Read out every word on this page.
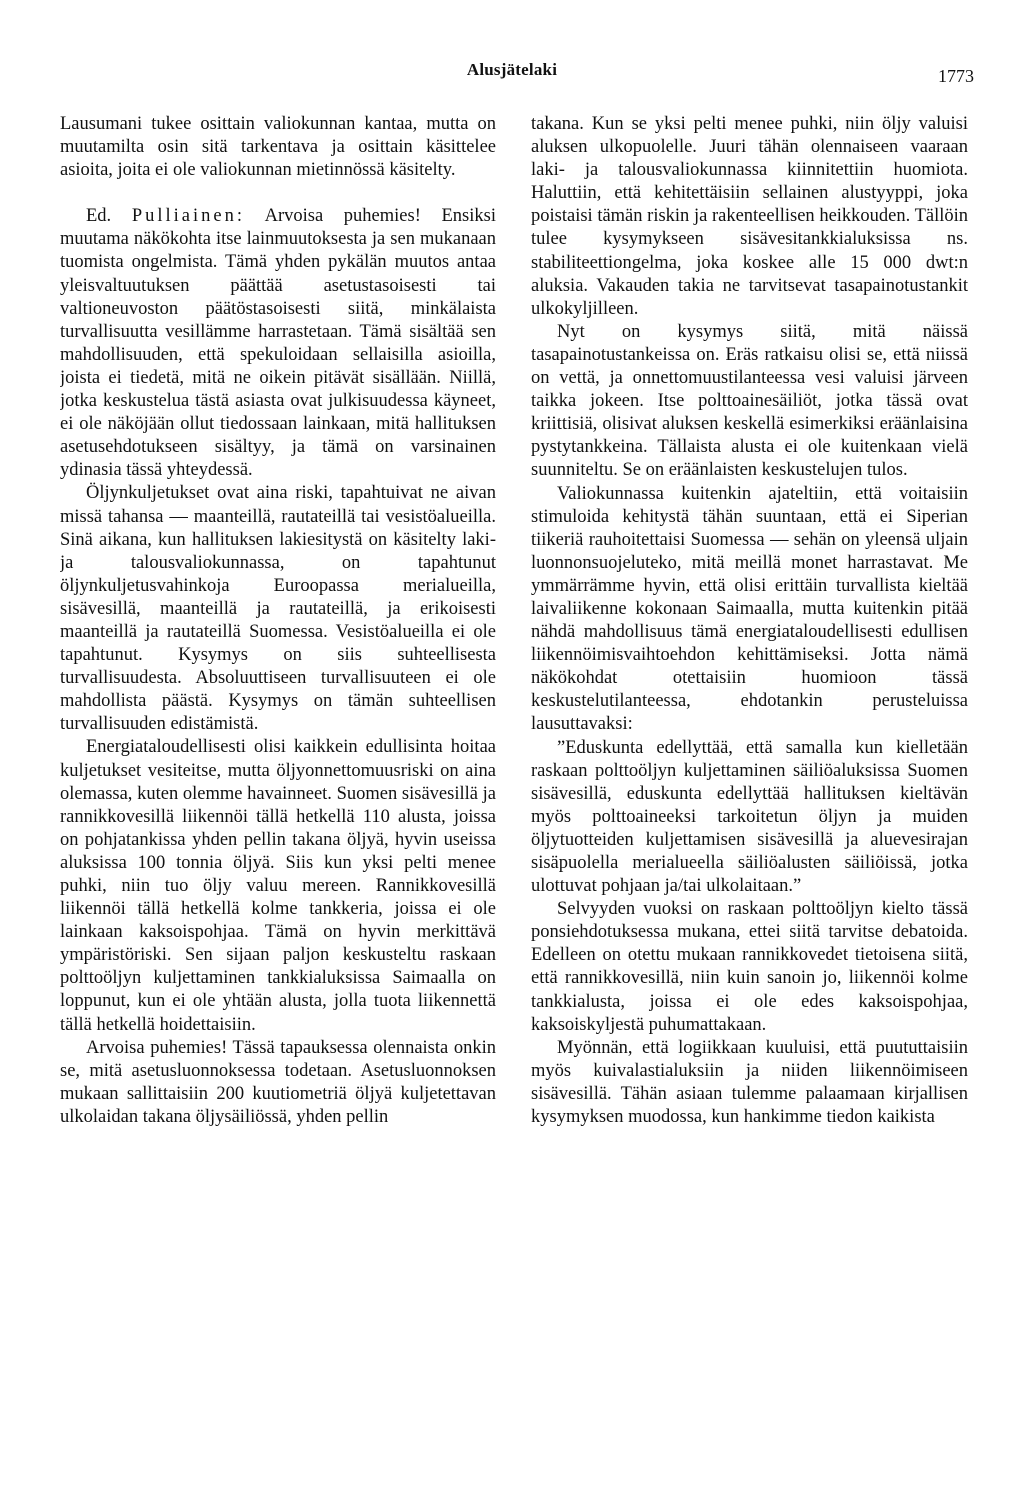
Alusjätelaki	1773

Lausumani tukee osittain valiokunnan kantaa, mutta on muutamilta osin sitä tarkentava ja osittain käsittelee asioita, joita ei ole valiokunnan mietinnössä käsitelty.

Ed. Pulliainen: Arvoisa puhemies! Ensiksi muutama näkökohta itse lainmuutoksesta ja sen mukanaan tuomista ongelmista. Tämä yhden pykälän muutos antaa yleisvaltuutuksen päättää asetustasoisesti tai valtioneuvoston päätöstasoisesti siitä, minkälaista turvallisuutta vesillämme harrastetaan. Tämä sisältää sen mahdollisuuden, että spekuloidaan sellaisilla asioilla, joista ei tiedetä, mitä ne oikein pitävät sisällään. Niillä, jotka keskustelua tästä asiasta ovat julkisuudessa käyneet, ei ole näköjään ollut tiedossaan lainkaan, mitä hallituksen asetusehdotukseen sisältyy, ja tämä on varsinainen ydinasia tässä yhteydessä.

Öljynkuljetukset ovat aina riski, tapahtuivat ne aivan missä tahansa — maanteillä, rautateillä tai vesistöalueilla. Sinä aikana, kun hallituksen lakiesitystä on käsitelty laki- ja talousvaliokunnassa, on tapahtunut öljynkuljetusvahinkoja Euroopassa merialueilla, sisävesillä, maanteillä ja rautateillä, ja erikoisesti maanteillä ja rautateillä Suomessa. Vesistöalueilla ei ole tapahtunut. Kysymys on siis suhteellisesta turvallisuudesta. Absoluuttiseen turvallisuuteen ei ole mahdollista päästä. Kysymys on tämän suhteellisen turvallisuuden edistämistä.

Energiataloudellisesti olisi kaikkein edullisinta hoitaa kuljetukset vesiteitse, mutta öljyonnettomuusriski on aina olemassa, kuten olemme havainneet. Suomen sisävesillä ja rannikkovesillä liikennöi tällä hetkellä 110 alusta, joissa on pohjatankissa yhden pellin takana öljyä, hyvin useissa aluksissa 100 tonnia öljyä. Siis kun yksi pelti menee puhki, niin tuo öljy valuu mereen. Rannikkovesillä liikennöi tällä hetkellä kolme tankkeria, joissa ei ole lainkaan kaksoispohjaa. Tämä on hyvin merkittävä ympäristöriski. Sen sijaan paljon keskusteltu raskaan polttoöljyn kuljettaminen tankkialuksissa Saimaalla on loppunut, kun ei ole yhtään alusta, jolla tuota liikennettä tällä hetkellä hoidettaisiin.

Arvoisa puhemies! Tässä tapauksessa olennaista onkin se, mitä asetusluonnoksessa todetaan. Asetusluonnoksen mukaan sallittaisiin 200 kuutiometriä öljyä kuljetettavan ulkolaidan takana öljysäiliössä, yhden pellin

takana. Kun se yksi pelti menee puhki, niin öljy valuisi aluksen ulkopuolelle. Juuri tähän olennaiseen vaaraan laki- ja talousvaliokunnassa kiinnitettiin huomiota. Haluttiin, että kehitettäisiin sellainen alustyyppi, joka poistaisi tämän riskin ja rakenteellisen heikkouden. Tällöin tulee kysymykseen sisävesitankkialuksissa ns. stabiliteettiongelma, joka koskee alle 15 000 dwt:n aluksia. Vakauden takia ne tarvitsevat tasapainotustankit ulkokyljilleen.

Nyt on kysymys siitä, mitä näissä tasapainotustankeissa on. Eräs ratkaisu olisi se, että niissä on vettä, ja onnettomuustilanteessa vesi valuisi järveen taikka jokeen. Itse polttoainesäiliöt, jotka tässä ovat kriittisiä, olisivat aluksen keskellä esimerkiksi eräänlaisina pystytankkeina. Tällaista alusta ei ole kuitenkaan vielä suunniteltu. Se on eräänlaisten keskustelujen tulos.

Valiokunnassa kuitenkin ajateltiin, että voitaisiin stimuloida kehitystä tähän suuntaan, että ei Siperian tiikeriä rauhoitettaisi Suomessa — sehän on yleensä uljain luonnonsuojeluteko, mitä meillä monet harrastavat. Me ymmärrämme hyvin, että olisi erittäin turvallista kieltää laivaliikenne kokonaan Saimaalla, mutta kuitenkin pitää nähdä mahdollisuus tämä energiataloudellisesti edullisen liikennöimisvaihtoehdon kehittämiseksi. Jotta nämä näkökohdat otettaisiin huomioon tässä keskustelutilanteessa, ehdotankin perusteluissa lausuttavaksi:

”Eduskunta edellyttää, että samalla kun kielletään raskaan polttoöljyn kuljettaminen säiliöaluksissa Suomen sisävesillä, eduskunta edellyttää hallituksen kieltävän myös polttoaineeksi tarkoitetun öljyn ja muiden öljytuotteiden kuljettamisen sisävesillä ja aluevesirajan sisäpuolella merialueella säiliöalusten säiliöissä, jotka ulottuvat pohjaan ja/tai ulkolaitaan.”

Selvyyden vuoksi on raskaan polttoöljyn kielto tässä ponsiehdotuksessa mukana, ettei siitä tarvitse debatoida. Edelleen on otettu mukaan rannikkovedet tietoisena siitä, että rannikkovesillä, niin kuin sanoin jo, liikennöi kolme tankkialusta, joissa ei ole edes kaksoispohjaa, kaksoiskyljestä puhumattakaan.

Myönnän, että logiikkaan kuuluisi, että puututtaisiin myös kuivalastialuksiin ja niiden liikennöimiseen sisävesillä. Tähän asiaan tulemme palaamaan kirjallisen kysymyksen muodossa, kun hankimme tiedon kaikista
